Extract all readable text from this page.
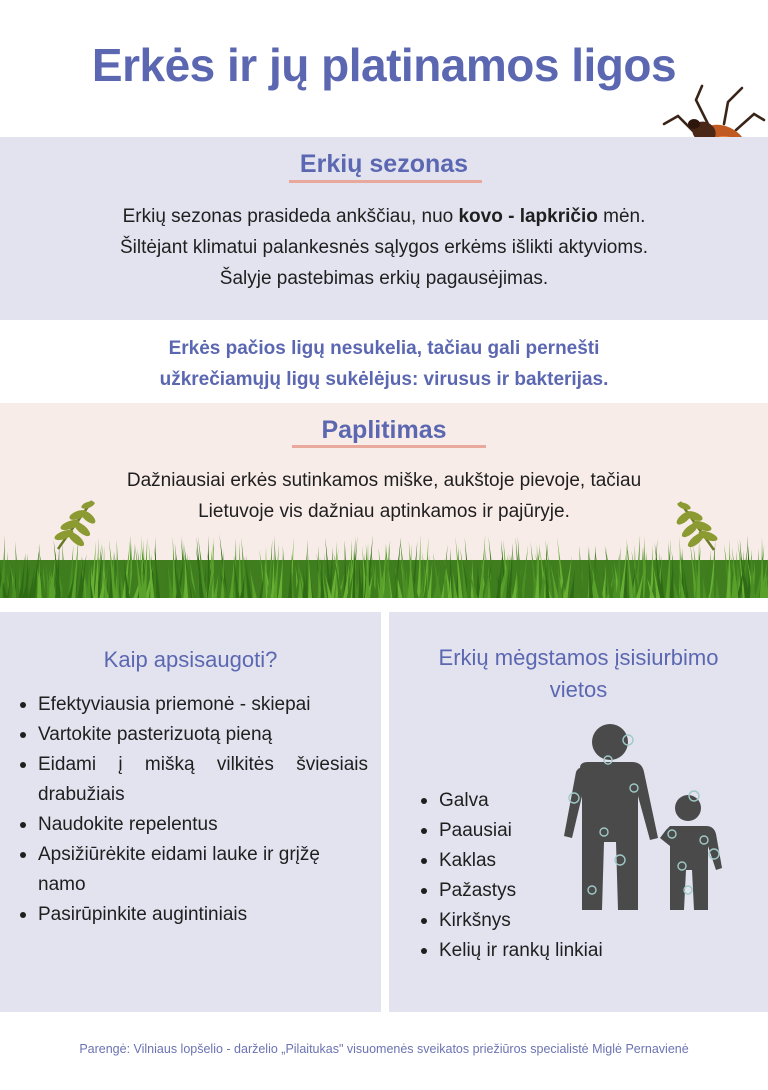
Erkės ir jų platinamos ligos
Erkių sezonas
Erkių sezonas prasideda ankščiau, nuo kovo - lapkričio mėn.
Šiltėjant klimatui palankesnės sąlygos erkėms išlikti aktyvioms.
Šalyje pastebimas erkių pagausėjimas.
Erkės pačios ligų nesukelia, tačiau gali pernešti
užkrečiamųjų ligų sukėlėjus: virusus ir bakterijas.
Paplitimas
Dažniausiai erkės sutinkamos miške, aukštoje pievoje, tačiau
Lietuvoje vis dažniau aptinkamos ir pajūryje.
Kaip apsisaugoti?
Efektyviausia priemonė - skiepai
Vartokite pasterizuotą pieną
Eidami į mišką vilkitės šviesiais
drabužiais
Naudokite repelentus
Apsižiūrėkite eidami lauke ir grįžę
namo
Pasirūpinkite augintiniais
Erkių mėgstamos įsisiurbimo
vietos
Galva
Paausiai
Kaklas
Pažastys
Kirkšnys
Kelių ir rankų linkiai
Parengė: Vilniaus lopšelio - darželio „Pilaitukas" visuomenės sveikatos priežiūros specialistė Miglė Pernavienė
